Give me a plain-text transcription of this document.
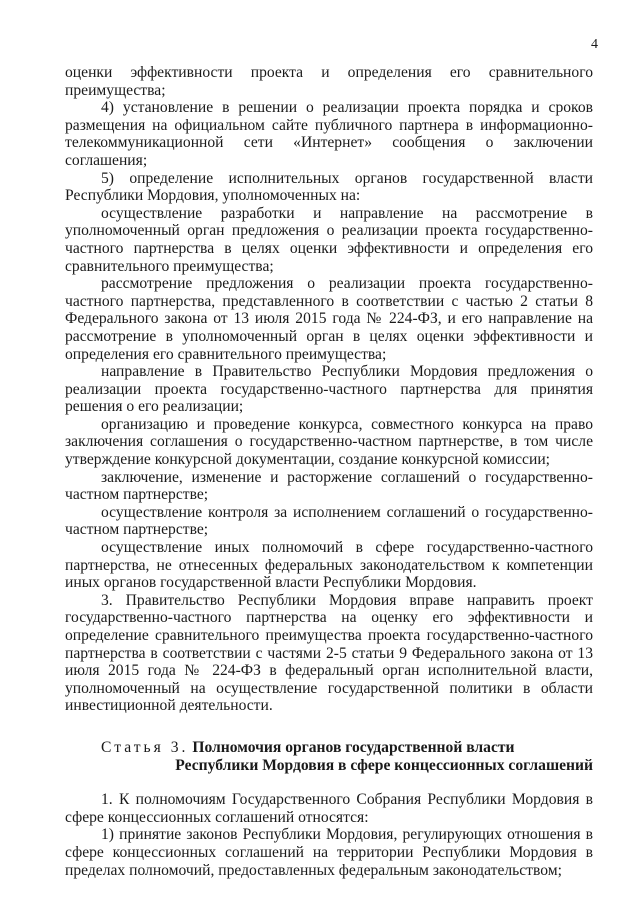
4

оценки эффективности проекта и определения его сравнительного преимущества;

4) установление в решении о реализации проекта порядка и сроков размещения на официальном сайте публичного партнера в информационно-телекоммуникационной сети «Интернет» сообщения о заключении соглашения;

5) определение исполнительных органов государственной власти Республики Мордовия, уполномоченных на:

осуществление разработки и направление на рассмотрение в уполномоченный орган предложения о реализации проекта государственно-частного партнерства в целях оценки эффективности и определения его сравнительного преимущества;

рассмотрение предложения о реализации проекта государственно-частного партнерства, представленного в соответствии с частью 2 статьи 8 Федерального закона от 13 июля 2015 года № 224-ФЗ, и его направление на рассмотрение в уполномоченный орган в целях оценки эффективности и определения его сравнительного преимущества;

направление в Правительство Республики Мордовия предложения о реализации проекта государственно-частного партнерства для принятия решения о его реализации;

организацию и проведение конкурса, совместного конкурса на право заключения соглашения о государственно-частном партнерстве, в том числе утверждение конкурсной документации, создание конкурсной комиссии;

заключение, изменение и расторжение соглашений о государственно-частном партнерстве;

осуществление контроля за исполнением соглашений о государственно-частном партнерстве;

осуществление иных полномочий в сфере государственно-частного партнерства, не отнесенных федеральных законодательством к компетенции иных органов государственной власти Республики Мордовия.

3. Правительство Республики Мордовия вправе направить проект государственно-частного партнерства на оценку его эффективности и определение сравнительного преимущества проекта государственно-частного партнерства в соответствии с частями 2-5 статьи 9 Федерального закона от 13 июля 2015 года № 224-ФЗ в федеральный орган исполнительной власти, уполномоченный на осуществление государственной политики в области инвестиционной деятельности.

Статья 3. Полномочия органов государственной власти

Республики Мордовия в сфере концессионных соглашений

1. К полномочиям Государственного Собрания Республики Мордовия в сфере концессионных соглашений относятся:

1) принятие законов Республики Мордовия, регулирующих отношения в сфере концессионных соглашений на территории Республики Мордовия в пределах полномочий, предоставленных федеральным законодательством;
